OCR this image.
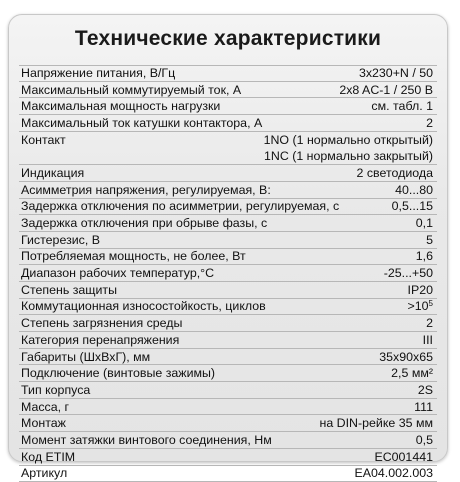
Технические характеристики
Напряжение питания, В/Гц	3x230+N / 50
Максимальный коммутируемый ток, А	2x8 AC-1 / 250 В
Максимальная мощность нагрузки	см. табл. 1
Максимальный ток катушки контактора, А	2
Контакт	1NO (1 нормально открытый)
1NC (1 нормально закрытый)
Индикация	2 светодиода
Асимметрия напряжения, регулируемая, В:	40...80
Задержка отключения по асимметрии, регулируемая, с	0,5...15
Задержка отключения при обрыве фазы, с	0,1
Гистерезис, В	5
Потребляемая мощность, не более, Вт	1,6
Диапазон рабочих температур,°С	-25...+50
Степень защиты	IP20
Коммутационная износостойкость, циклов	$>10^5$
Степень загрязнения среды	2
Категория перенапряжения	III
Габариты (ШхВхГ), мм	35x90x65
Подключение (винтовые зажимы)	2,5 мм²
Тип корпуса	2S
Масса, г	111
Монтаж	на DIN-рейке 35 мм
Момент затяжки винтового соединения, Нм	0,5
Код ETIM	EC001441
Артикул	EA04.002.003
